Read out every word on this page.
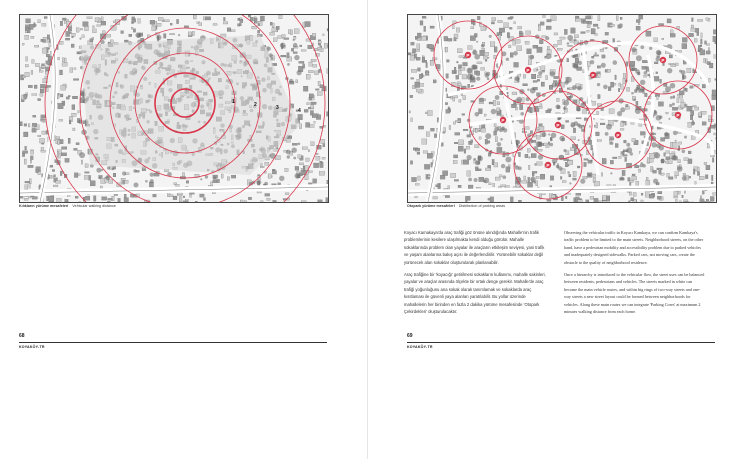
1	2	3	4
Kılıkların yürüme mesafeleri Vehicular walking distance
68
KOYAKÖY-TR
P
P
P
P
P
P
P
P
P
Otopark yürüme mesafeleri Distribution of parking areas

Koyacı Kamakaya'da araç trafiği göz önüne alındığında Mahalle'nin trafik problemlerinin kesilere ulaşılmakta kendi olduğu görülür. Mahalle sokaklarında problem olan yayalar ile araçların etkileşim seviyesi, yani trafik ve yaşam alanlarına bakış açısı ile değerlendirilir. Yürünebilir sokaklar değil yürünecek alan sokaklar oluşturularak planlanabilir.

Araç trafiğine bir 'koyacığı' getirilmesi sokakların kullanımı, mahalle sakinleri, yayalar ve araçlar arasında ölçekte bir ortak denge gerekir. Mahalle'de araç trafiği yoğunluğunu ana sokak olarak tanımlamak ve sokaklarda araç kısıtlaması ile güvenli yaya alanları yaratılabilir. Bu yollar üzerinde mahallelerin her birinden en fazla 2 dakika yürüme mesafesinde 'Otopark Çekirdekleri' oluşturulacaktır.

Observing the vehicular traffic in Koyacı Kamkaya, we can confirm Kamkaya's traffic problem to be limited to the main streets. Neighborhood streets, on the other hand, have a pedestrian mobility and accessibility problem due to parked vehicles and inadequately designed sidewalks. Parked cars, not moving cars, create the obstacle to the quality of neighborhood residence.

Once a hierarchy is introduced to the vehicular flow, the street uses can be balanced between residents, pedestrians and vehicles. The streets marked in white can become the main vehicle routes, and within big rings of two-way streets and one-way streets a new street layout could be formed between neighborhoods for vehicles. Along these main routes we can integrate 'Parking Cores' at maximum 2 minutes walking distance from each home.

69
KOYAKÖY-TR
